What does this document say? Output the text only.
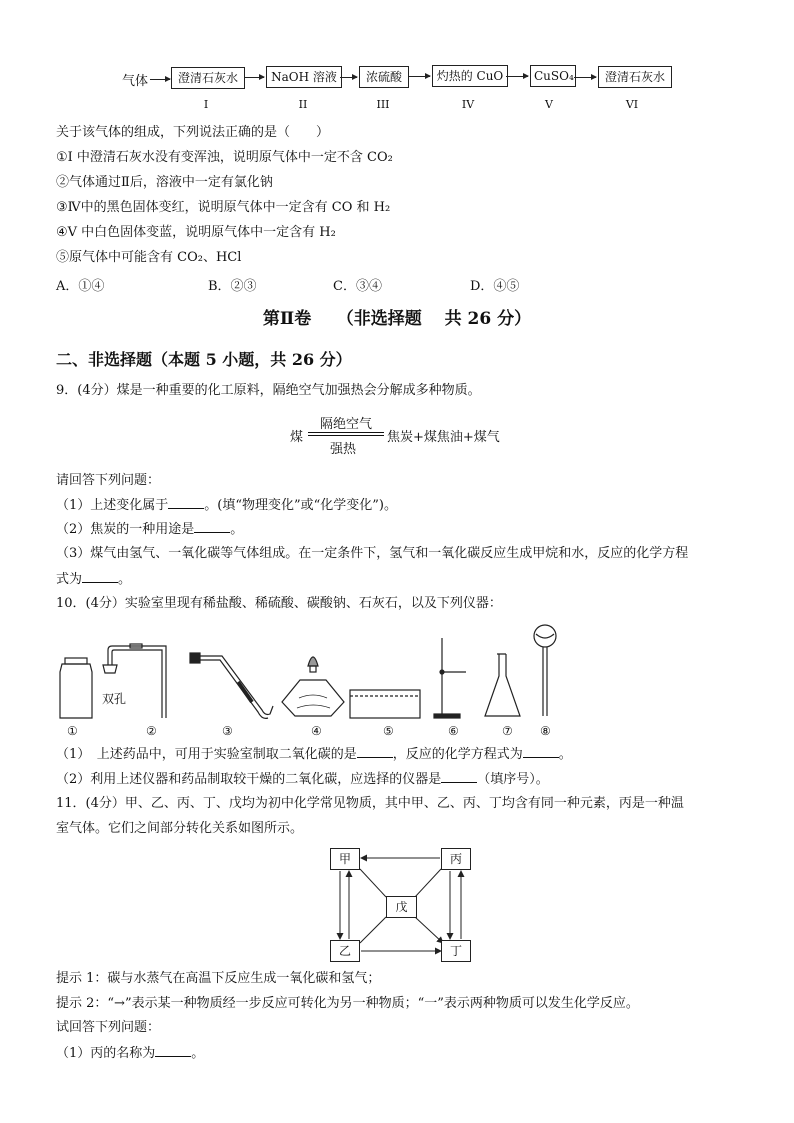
气体	澄清石灰水	NaOH 溶液	浓硫酸	灼热的 CuO	CuSO₄	澄清石灰水
I	II	III	IV	V	VI
关于该气体的组成，下列说法正确的是（　　）
①I 中澄清石灰水没有变浑浊，说明原气体中一定不含 CO₂
②气体通过Ⅱ后，溶液中一定有氯化钠
③Ⅳ中的黑色固体变红，说明原气体中一定含有 CO 和 H₂
④V 中白色固体变蓝，说明原气体中一定含有 H₂
⑤原气体中可能含有 CO₂、HCl
A．①④	B．②③	C．③④	D．④⑤
第Ⅱ卷　　（非选择题　 共 26 分）
二、非选择题（本题 5 小题，共 26 分）
9．(4分）煤是一种重要的化工原料，隔绝空气加强热会分解成多种物质。
煤
隔绝空气
强热
焦炭+煤焦油+煤气
请回答下列问题：
（1）上述变化属于	。(填“物理变化”或“化学变化”)。
（2）焦炭的一种用途是	。
（3）煤气由氢气、一氧化碳等气体组成。在一定条件下，氢气和一氧化碳反应生成甲烷和水，反应的化学方程
式为	。
10．(4分）实验室里现有稀盐酸、稀硫酸、碳酸钠、石灰石，以及下列仪器：
双孔
①	②	③	④	⑤	⑥	⑦ ⑧
（1）　上述药品中，可用于实验室制取二氧化碳的是	，反应的化学方程式为	。
（2）利用上述仪器和药品制取较干燥的二氧化碳，应选择的仪器是	（填序号）。
11．(4分）甲、乙、丙、丁、戊均为初中化学常见物质，其中甲、乙、丙、丁均含有同一种元素，丙是一种温
室气体。它们之间部分转化关系如图所示。
甲	丙
戊
乙	丁
提示 1：碳与水蒸气在高温下反应生成一氧化碳和氢气；
提示 2：“→”表示某一种物质经一步反应可转化为另一种物质；“一”表示两种物质可以发生化学反应。
试回答下列问题：
（1）丙的名称为	。
